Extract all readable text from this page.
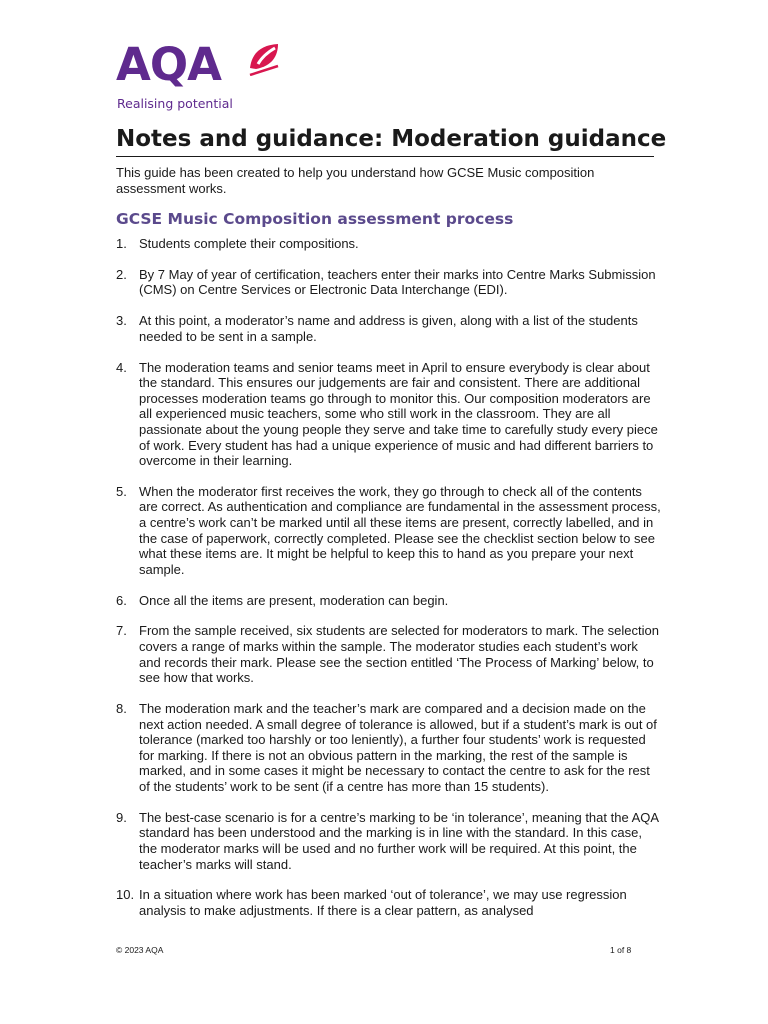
AQA
Realising potential
Notes and guidance: Moderation guidance

This guide has been created to help you understand how GCSE Music composition assessment works.

GCSE Music Composition assessment process
1. Students complete their compositions.
2. By 7 May of year of certification, teachers enter their marks into Centre Marks Submission (CMS) on Centre Services or Electronic Data Interchange (EDI).
3. At this point, a moderator’s name and address is given, along with a list of the students needed to be sent in a sample.
4. The moderation teams and senior teams meet in April to ensure everybody is clear about the standard. This ensures our judgements are fair and consistent. There are additional processes moderation teams go through to monitor this. Our composition moderators are all experienced music teachers, some who still work in the classroom. They are all passionate about the young people they serve and take time to carefully study every piece of work. Every student has had a unique experience of music and had different barriers to overcome in their learning.
5. When the moderator first receives the work, they go through to check all of the contents are correct. As authentication and compliance are fundamental in the assessment process, a centre’s work can’t be marked until all these items are present, correctly labelled, and in the case of paperwork, correctly completed. Please see the checklist section below to see what these items are. It might be helpful to keep this to hand as you prepare your next sample.
6. Once all the items are present, moderation can begin.
7. From the sample received, six students are selected for moderators to mark. The selection covers a range of marks within the sample. The moderator studies each student’s work and records their mark. Please see the section entitled ‘The Process of Marking’ below, to see how that works.
8. The moderation mark and the teacher’s mark are compared and a decision made on the next action needed. A small degree of tolerance is allowed, but if a student’s mark is out of tolerance (marked too harshly or too leniently), a further four students’ work is requested for marking. If there is not an obvious pattern in the marking, the rest of the sample is marked, and in some cases it might be necessary to contact the centre to ask for the rest of the students’ work to be sent (if a centre has more than 15 students).
9. The best-case scenario is for a centre’s marking to be ‘in tolerance’, meaning that the AQA standard has been understood and the marking is in line with the standard. In this case, the moderator marks will be used and no further work will be required. At this point, the teacher’s marks will stand.
10. In a situation where work has been marked ‘out of tolerance’, we may use regression analysis to make adjustments. If there is a clear pattern, as analysed
© 2023 AQA	1 of 8
